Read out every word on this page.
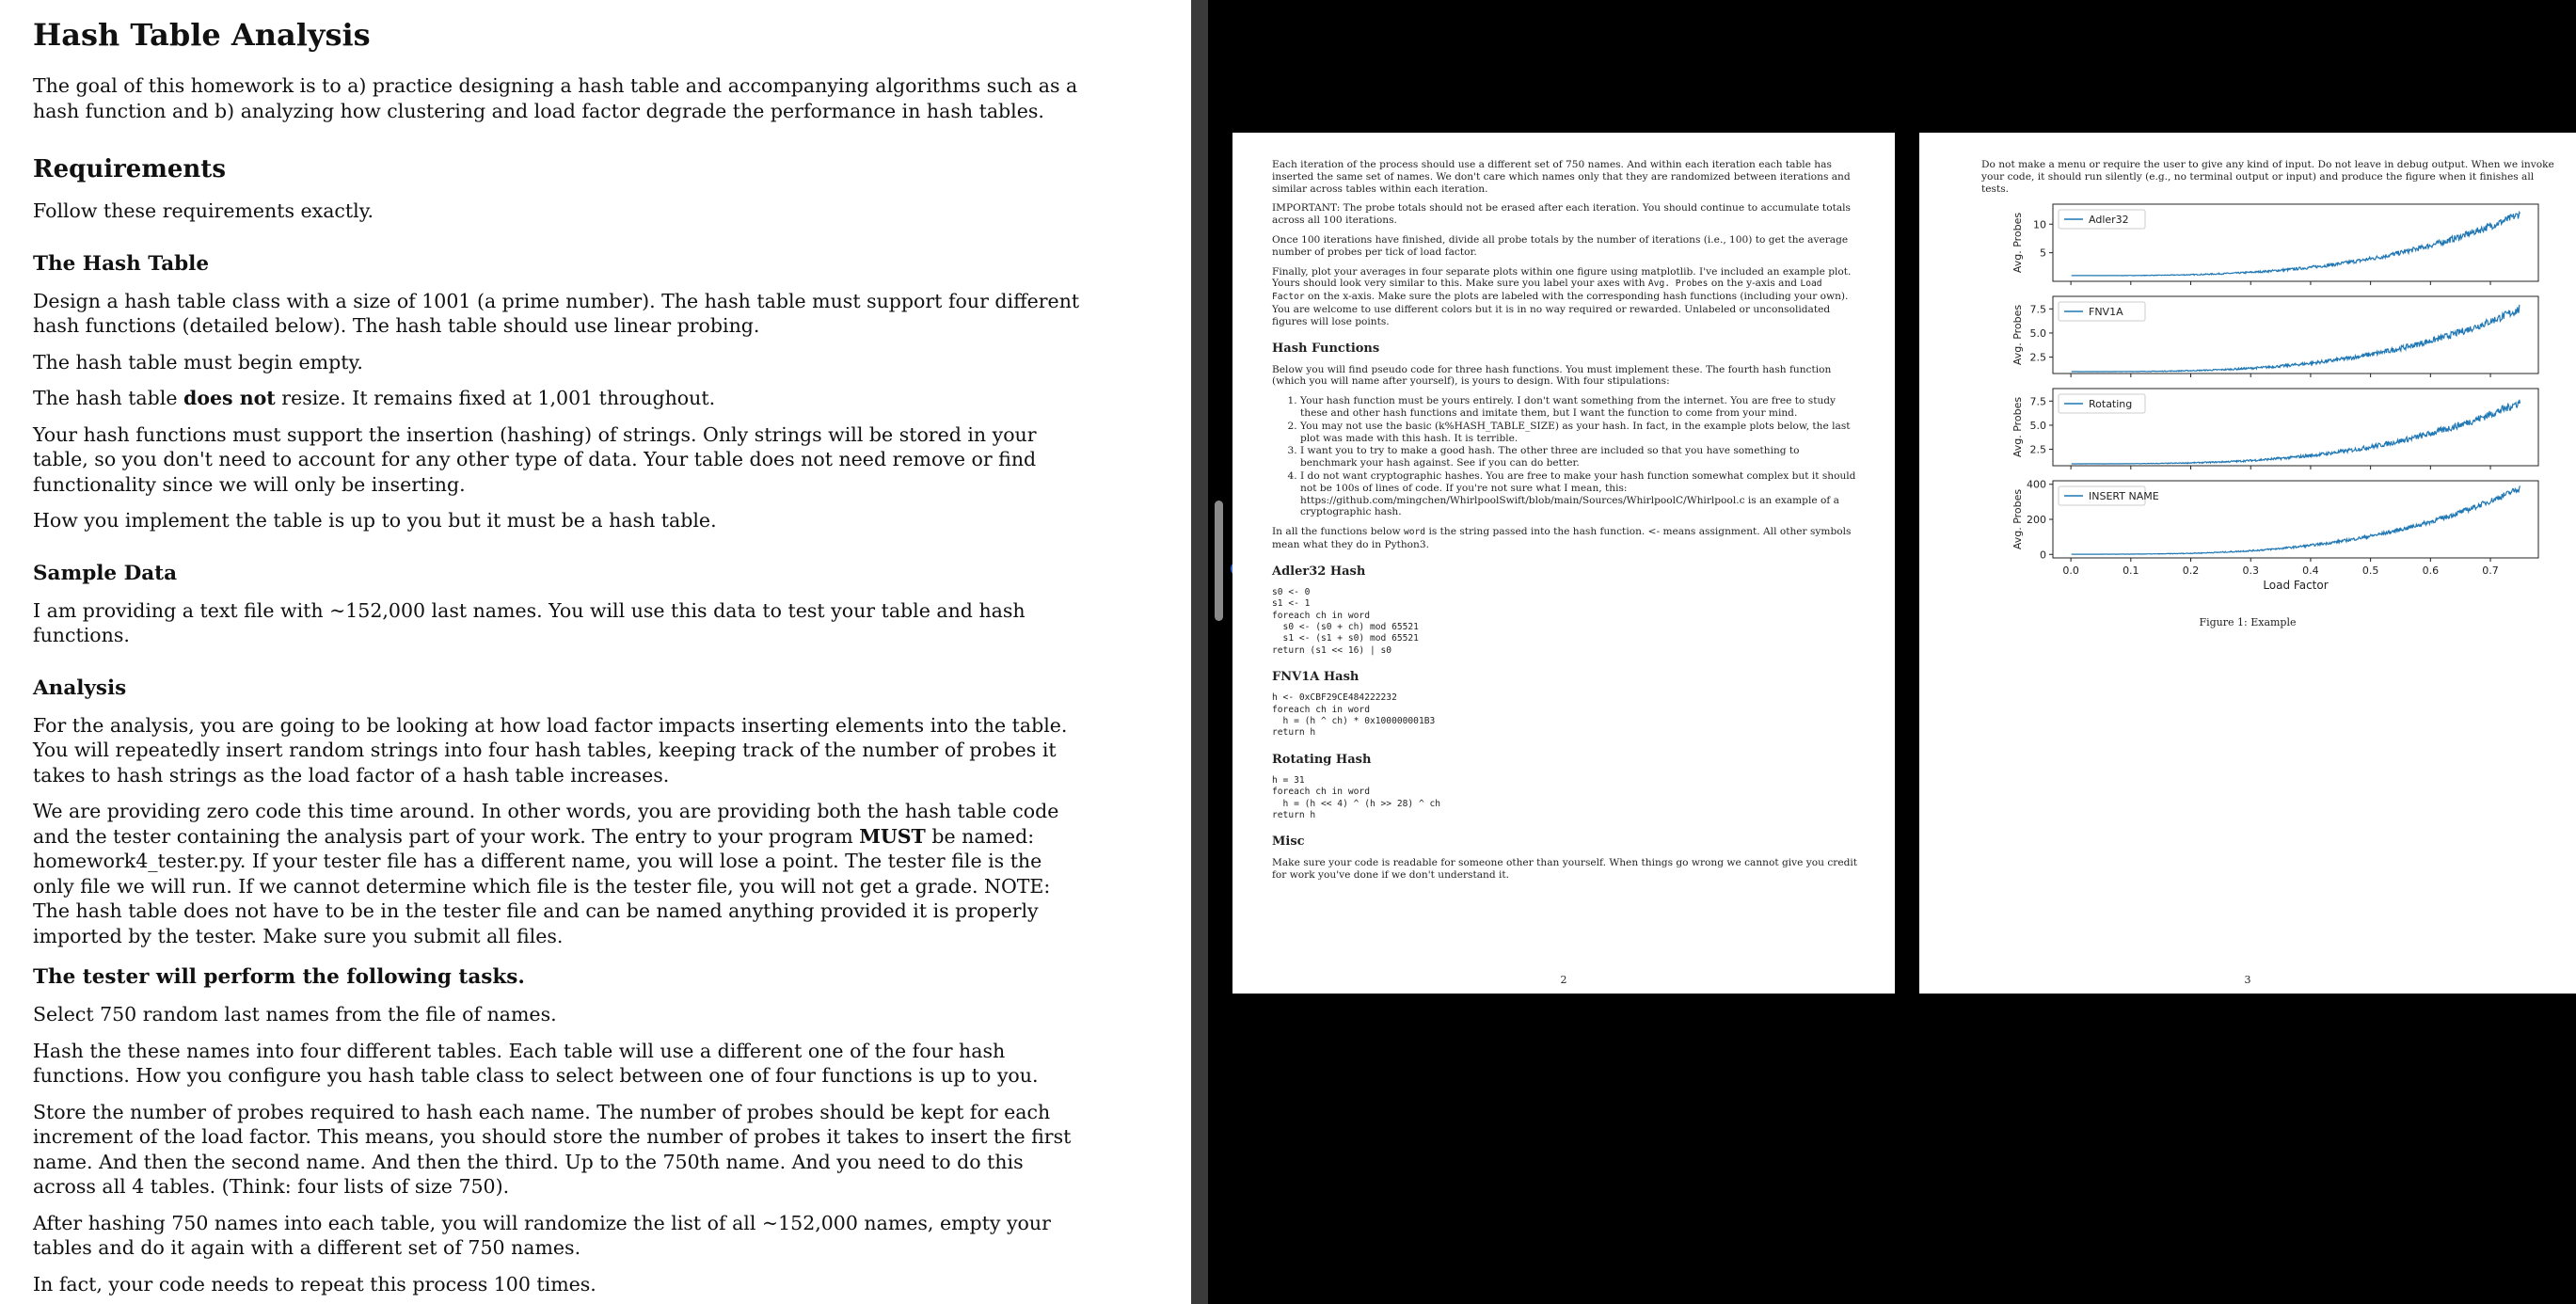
Hash Table Analysis

The goal of this homework is to a) practice designing a hash table and accompanying algorithms such as a hash function and b) analyzing how clustering and load factor degrade the performance in hash tables.

Requirements

Follow these requirements exactly.

The Hash Table

Design a hash table class with a size of 1001 (a prime number). The hash table must support four different hash functions (detailed below). The hash table should use linear probing.

The hash table must begin empty.

The hash table does not resize. It remains fixed at 1,001 throughout.

Your hash functions must support the insertion (hashing) of strings. Only strings will be stored in your table, so you don't need to account for any other type of data. Your table does not need remove or find functionality since we will only be inserting.

How you implement the table is up to you but it must be a hash table.

Sample Data

I am providing a text file with ~152,000 last names. You will use this data to test your table and hash functions.

Analysis

For the analysis, you are going to be looking at how load factor impacts inserting elements into the table. You will repeatedly insert random strings into four hash tables, keeping track of the number of probes it takes to hash strings as the load factor of a hash table increases.

We are providing zero code this time around. In other words, you are providing both the hash table code and the tester containing the analysis part of your work. The entry to your program MUST be named: homework4_tester.py. If your tester file has a different name, you will lose a point. The tester file is the only file we will run. If we cannot determine which file is the tester file, you will not get a grade. NOTE: The hash table does not have to be in the tester file and can be named anything provided it is properly imported by the tester. Make sure you submit all files.

The tester will perform the following tasks.

Select 750 random last names from the file of names.

Hash the these names into four different tables. Each table will use a different one of the four hash functions. How you configure you hash table class to select between one of four functions is up to you.

Store the number of probes required to hash each name. The number of probes should be kept for each increment of the load factor. This means, you should store the number of probes it takes to insert the first name. And then the second name. And then the third. Up to the 750th name. And you need to do this across all 4 tables. (Think: four lists of size 750).

After hashing 750 names into each table, you will randomize the list of all ~152,000 names, empty your tables and do it again with a different set of 750 names.

In fact, your code needs to repeat this process 100 times.

Each iteration of the process should use a different set of 750 names. And within each iteration each table has inserted the same set of names. We don't care which names only that they are randomized between iterations and similar across tables within each iteration.

IMPORTANT: The probe totals should not be erased after each iteration. You should continue to accumulate totals across all 100 iterations.

Once 100 iterations have finished, divide all probe totals by the number of iterations (i.e., 100) to get the average number of probes per tick of load factor.

Finally, plot your averages in four separate plots within one figure using matplotlib. I've included an example plot. Yours should look very similar to this. Make sure you label your axes with Avg. Probes on the y-axis and Load Factor on the x-axis. Make sure the plots are labeled with the corresponding hash functions (including your own). You are welcome to use different colors but it is in no way required or rewarded. Unlabeled or unconsolidated figures will lose points.

Hash Functions

Below you will find pseudo code for three hash functions. You must implement these. The fourth hash function (which you will name after yourself), is yours to design. With four stipulations:

1. Your hash function must be yours entirely. I don't want something from the internet. You are free to study these and other hash functions and imitate them, but I want the function to come from your mind.
2. You may not use the basic (k%HASH_TABLE_SIZE) as your hash. In fact, in the example plots below, the last plot was made with this hash. It is terrible.
3. I want you to try to make a good hash. The other three are included so that you have something to benchmark your hash against. See if you can do better.
4. I do not want cryptographic hashes. You are free to make your hash function somewhat complex but it should not be 100s of lines of code. If you're not sure what I mean, this: https://github.com/mingchen/WhirlpoolSwift/blob/main/Sources/WhirlpoolC/Whirlpool.c is an example of a cryptographic hash.

In all the functions below word is the string passed into the hash function. <- means assignment. All other symbols mean what they do in Python3.

Adler32 Hash
s0 <- 0
s1 <- 1
foreach ch in word
s0 <- (s0 + ch) mod 65521
s1 <- (s1 + s0) mod 65521
return (s1 << 16) | s0
FNV1A Hash
h <- 0xCBF29CE484222232
foreach ch in word
h = (h ^ ch) * 0x100000001B3
return h
Rotating Hash
h = 31
foreach ch in word
h = (h << 4) ^ (h >> 28) ^ ch
return h
Misc

Make sure your code is readable for someone other than yourself. When things go wrong we cannot give you credit for work you've done if we don't understand it.

2

Do not make a menu or require the user to give any kind of input. Do not leave in debug output. When we invoke your code, it should run silently (e.g., no terminal output or input) and produce the figure when it finishes all tests.

5
10
Avg. Probes	Adler32
2.5
5.0
7.5
Avg. Probes	FNV1A
2.5
5.0
7.5
Avg. Probes	Rotating
0
200
400
Avg. Probes	INSERT NAME
0.0	0.1	0.2	0.3	0.4	0.5	0.6	0.7
Load Factor
Figure 1: Example
3
